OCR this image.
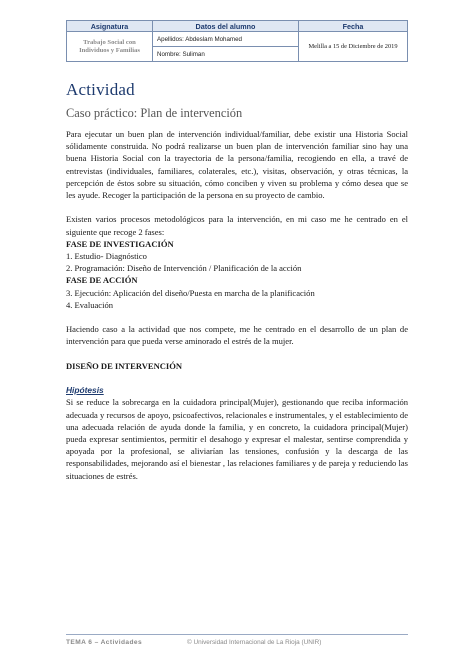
Asignatura	Datos del alumno	Fecha
Trabajo Social con Individuos y Familias	Apellidos: Abdeslam Mohamed	Melilla a 15 de Diciembre de 2019
	Nombre: Suliman	
Actividad
Caso práctico: Plan de intervención

Para ejecutar un buen plan de intervención individual/familiar, debe existir una Historia Social sólidamente construida. No podrá realizarse un buen plan de intervención familiar sino hay una buena Historia Social con la trayectoria de la persona/familia, recogiendo en ella, a travé de entrevistas (individuales, familiares, colaterales, etc.), visitas, observación, y otras técnicas, la percepción de éstos sobre su situación, cómo conciben y viven su problema y cómo desea que se les ayude. Recoger la participación de la persona en su proyecto de cambio.

Existen varios procesos metodológicos para la intervención, en mi caso me he centrado en el siguiente que recoge 2 fases:

FASE DE INVESTIGACIÓN

1. Estudio- Diagnóstico

2. Programación: Diseño de Intervención / Planificación de la acción

FASE DE ACCIÓN

3. Ejecución: Aplicación del diseño/Puesta en marcha de la planificación

4. Evaluación

Haciendo caso a la actividad que nos compete, me he centrado en el desarrollo de un plan de intervención para que pueda verse aminorado el estrés de la mujer.

DISEÑO DE INTERVENCIÓN

Hipótesis

Si se reduce la sobrecarga en la cuidadora principal(Mujer), gestionando que reciba información adecuada y recursos de apoyo, psicoafectivos, relacionales e instrumentales, y el establecimiento de una adecuada relación de ayuda donde la familia, y en concreto, la cuidadora principal(Mujer) pueda expresar sentimientos, permitir el desahogo y expresar el malestar, sentirse comprendida y apoyada por la profesional, se aliviarían las tensiones, confusión y la descarga de las responsabilidades, mejorando así el bienestar , las relaciones familiares y de pareja y reduciendo las situaciones de estrés.

TEMA 6 – Actividades	© Universidad Internacional de La Rioja (UNIR)
